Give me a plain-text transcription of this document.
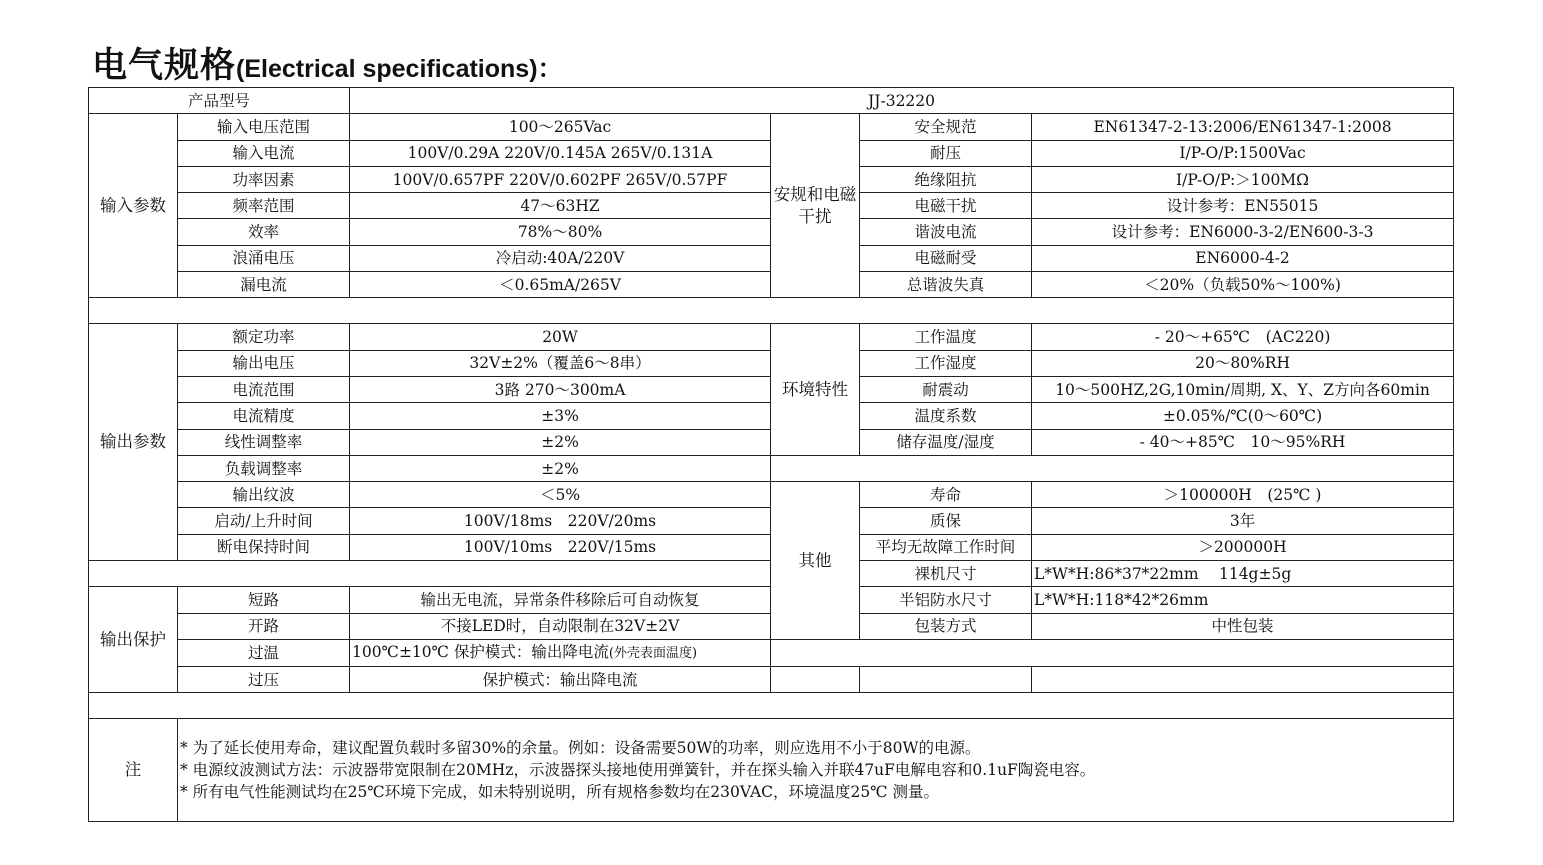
电气规格(Electrical specifications)：
产品型号		JJ-32220			
输入参数	输入电压范围	100～265Vac	安规和电磁干扰	安全规范	EN61347-2-13:2006/EN61347-1:2008
	输入电流	100V/0.29A 220V/0.145A 265V/0.131A		耐压	I/P-O/P:1500Vac
	功率因素	100V/0.657PF 220V/0.602PF 265V/0.57PF		绝缘阻抗	I/P-O/P:＞100MΩ
	频率范围	47～63HZ		电磁干扰	设计参考：EN55015
	效率	78%～80%		谐波电流	设计参考：EN6000-3-2/EN600-3-3
	浪涌电压	冷启动:40A/220V		电磁耐受	EN6000-4-2
	漏电流	＜0.65mA/265V		总谐波失真	＜20%（负载50%～100%)

输出参数	额定功率	20W	环境特性	工作温度	- 20～+65℃　(AC220)
	输出电压	32V±2%（覆盖6～8串）		工作湿度	20～80%RH
	电流范围	3路 270～300mA		耐震动	10～500HZ,2G,10min/周期, X、Y、Z方向各60min
	电流精度	±3%		温度系数	±0.05%/℃(0～60℃)
	线性调整率	±2%		储存温度/湿度	- 40～+85℃　10～95%RH
	负载调整率	±2%			
	输出纹波	＜5%	其他	寿命	＞100000H　(25℃ )
	启动/上升时间	100V/18ms　220V/20ms		质保	3年
	断电保持时间	100V/10ms　220V/15ms		平均无故障工作时间	＞200000H
				裸机尺寸	L*W*H:86*37*22mm　 114g±5g
输出保护	短路	输出无电流，异常条件移除后可自动恢复		半铝防水尺寸	L*W*H:118*42*26mm
	开路	不接LED时，自动限制在32V±2V		包装方式	中性包装
	过温	100℃±10℃ 保护模式：输出降电流(外壳表面温度)			
	过压	保护模式：输出降电流			

注	* 为了延长使用寿命，建议配置负载时多留30%的余量。例如：设备需要50W的功率，则应选用不小于80W的电源。
* 电源纹波测试方法：示波器带宽限制在20MHz，示波器探头接地使用弹簧针，并在探头输入并联47uF电解电容和0.1uF陶瓷电容。
* 所有电气性能测试均在25℃环境下完成，如未特别说明，所有规格参数均在230VAC，环境温度25℃ 测量。				
